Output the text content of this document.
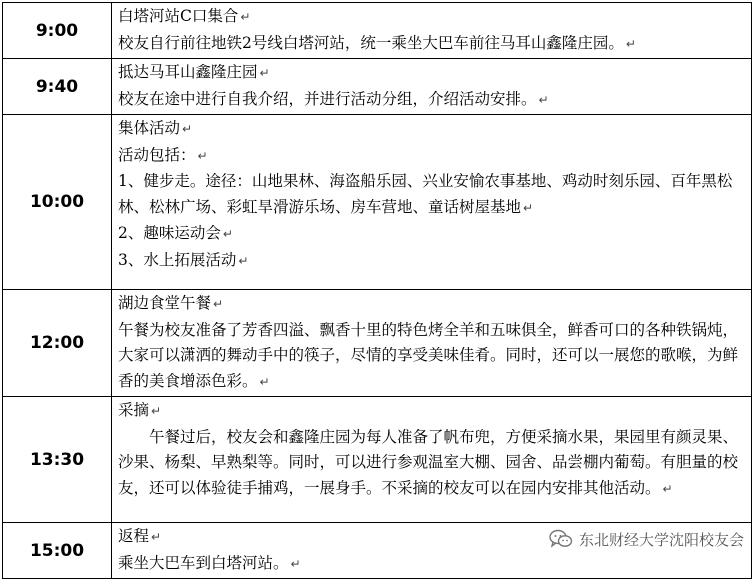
9:00	白塔河站C口集合 ↵
校友自行前往地铁2号线白塔河站，统一乘坐大巴车前往马耳山鑫隆庄园。 ↵

9:40	抵达马耳山鑫隆庄园 ↵
校友在途中进行自我介绍，并进行活动分组，介绍活动安排。 ↵

10:00	集体活动 ↵
活动包括： ↵
1、健步走。途径：山地果林、海盗船乐园、兴业安愉农事基地、鸡动时刻乐园、百年黑松林、松林广场、彩虹旱滑游乐场、房车营地、童话树屋基地 ↵
2、趣味运动会 ↵
3、水上拓展活动 ↵

12:00	湖边食堂午餐 ↵
午餐为校友准备了芳香四溢、飘香十里的特色烤全羊和五味俱全，鲜香可口的各种铁锅炖，大家可以潇洒的舞动手中的筷子，尽情的享受美味佳肴。同时，还可以一展您的歌喉，为鲜香的美食增添色彩。 ↵

13:30	采摘 ↵
午餐过后，校友会和鑫隆庄园为每人准备了帆布兜，方便采摘水果，果园里有颜灵果、沙果、杨梨、早熟梨等。同时，可以进行参观温室大棚、园舍、品尝棚内葡萄。有胆量的校友，还可以体验徒手捕鸡，一展身手。不采摘的校友可以在园内安排其他活动。 ↵

15:00	返程 ↵
乘坐大巴车到白塔河站。 ↵
东北财经大学沈阳校友会
